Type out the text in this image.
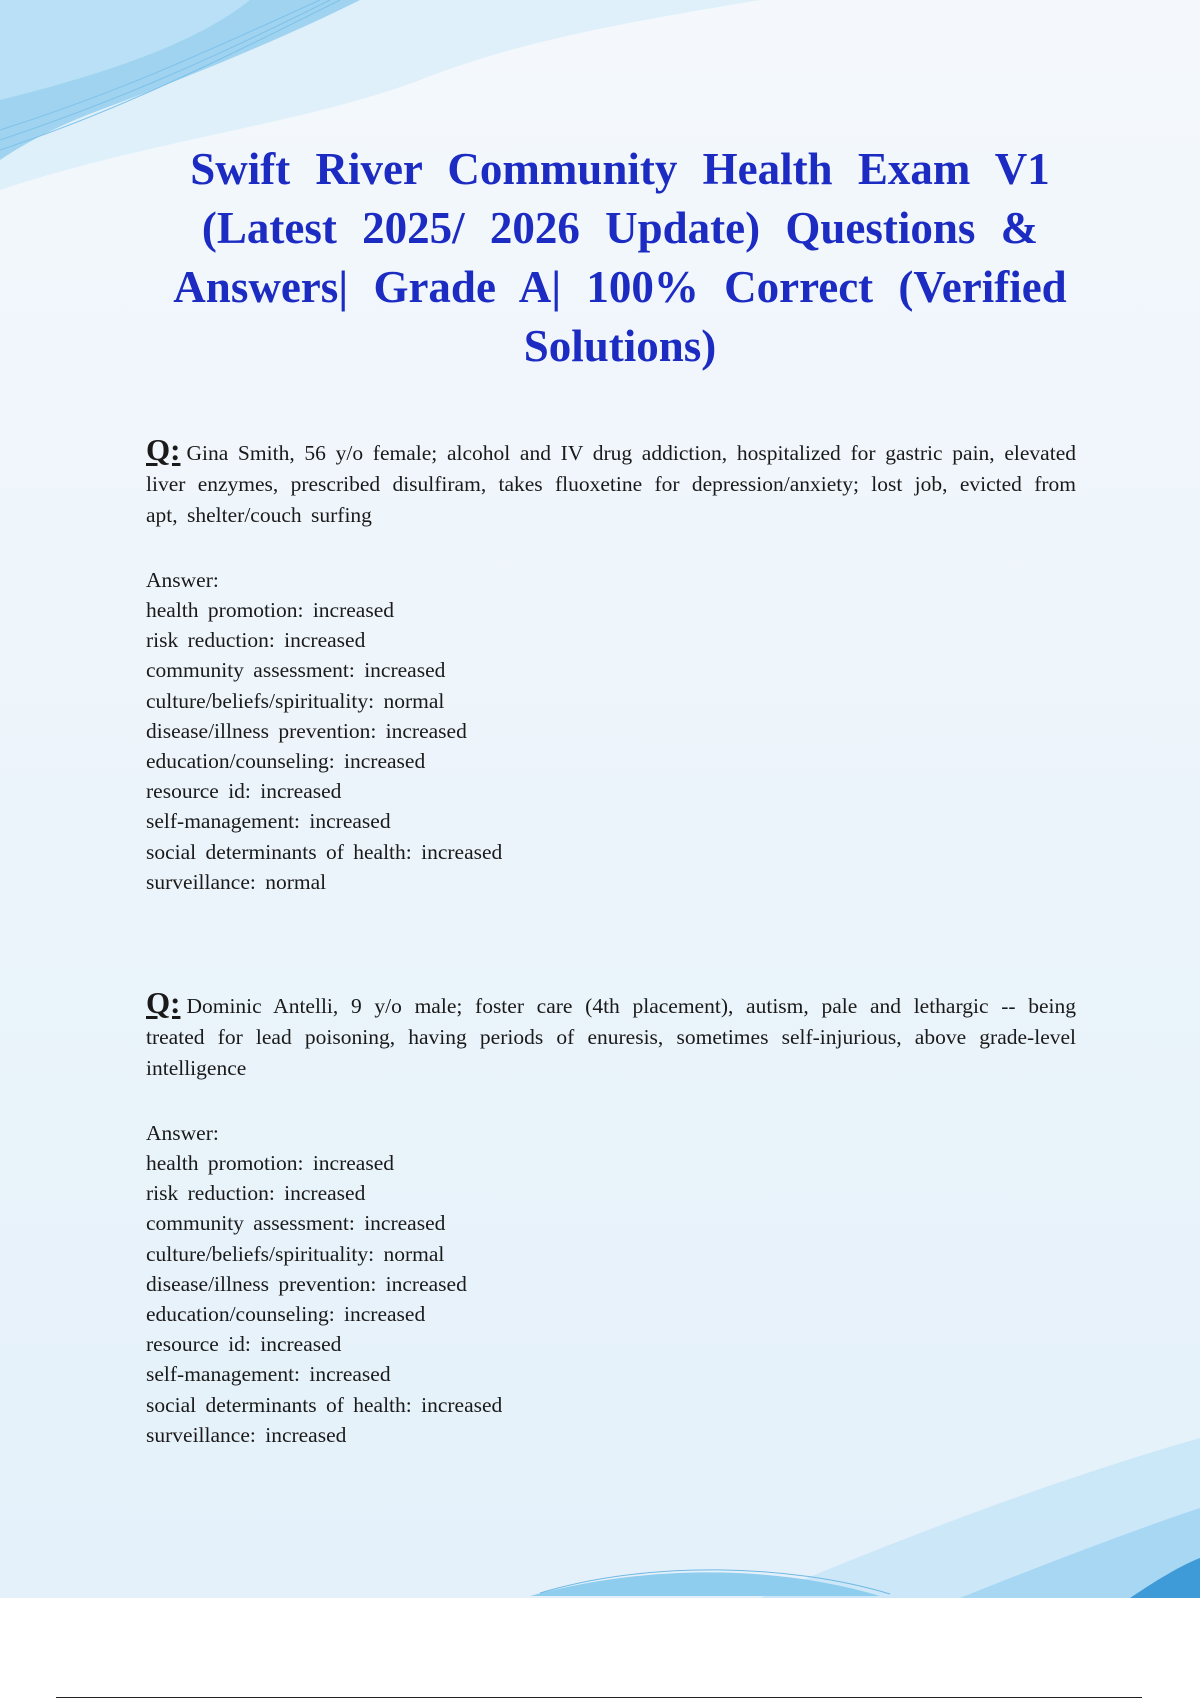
Swift River Community Health Exam V1 (Latest 2025/ 2026 Update) Questions & Answers| Grade A| 100% Correct (Verified Solutions)

Q: Gina Smith, 56 y/o female; alcohol and IV drug addiction, hospitalized for gastric pain, elevated liver enzymes, prescribed disulfiram, takes fluoxetine for depression/anxiety; lost job, evicted from apt, shelter/couch surfing

Answer:

health promotion: increased
risk reduction: increased
community assessment: increased
culture/beliefs/spirituality: normal
disease/illness prevention: increased
education/counseling: increased
resource id: increased
self-management: increased
social determinants of health: increased
surveillance: normal

Q: Dominic Antelli, 9 y/o male; foster care (4th placement), autism, pale and lethargic -- being treated for lead poisoning, having periods of enuresis, sometimes self-injurious, above grade-level intelligence

Answer:

health promotion: increased
risk reduction: increased
community assessment: increased
culture/beliefs/spirituality: normal
disease/illness prevention: increased
education/counseling: increased
resource id: increased
self-management: increased
social determinants of health: increased
surveillance: increased
